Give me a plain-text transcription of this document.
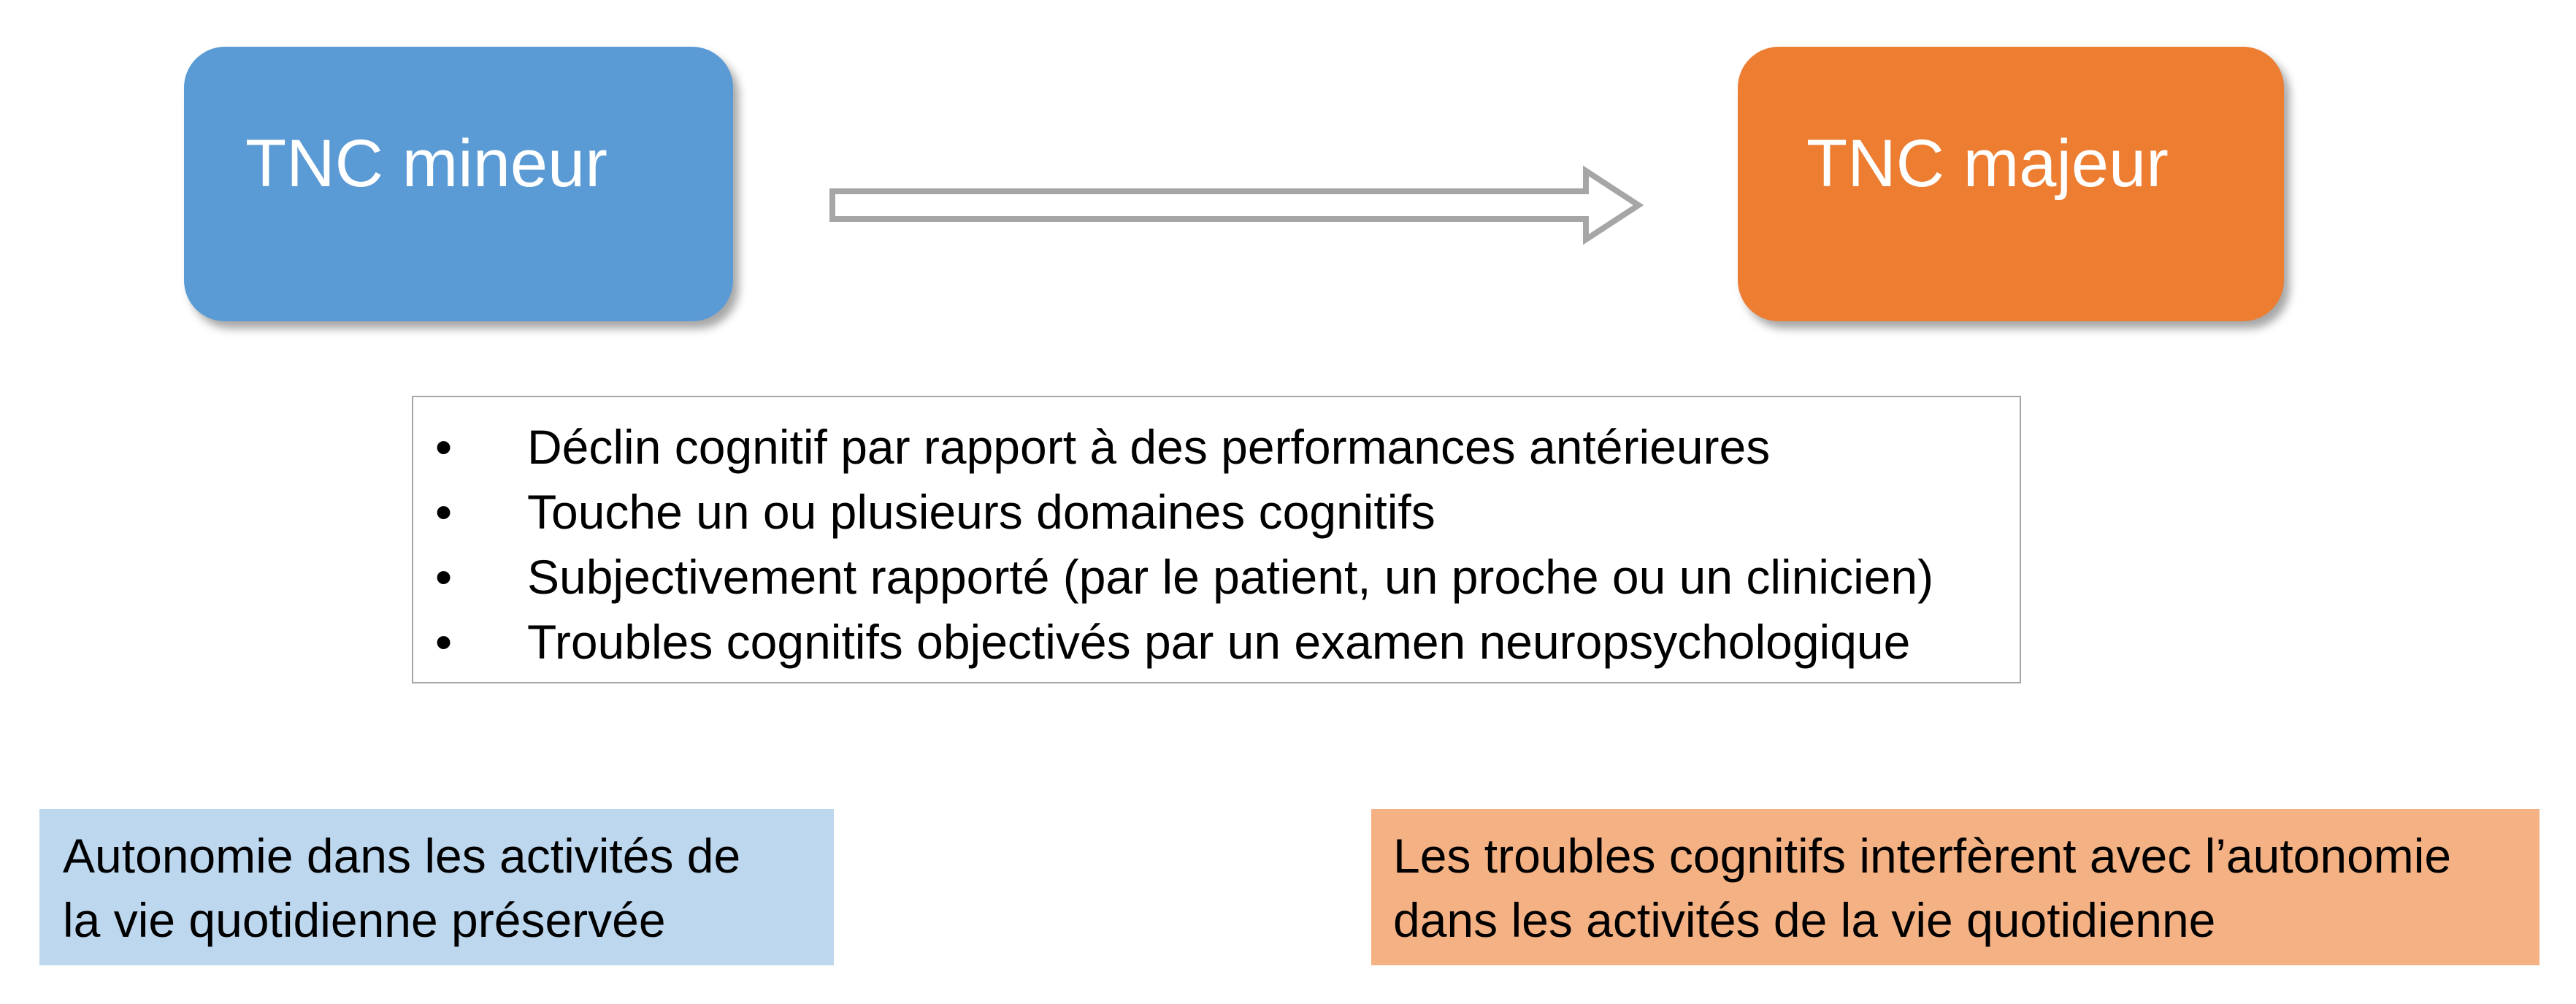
TNC mineur	TNC majeur
•	Déclin cognitif par rapport à des performances antérieures
•	Touche un ou plusieurs domaines cognitifs
•	Subjectivement rapporté (par le patient, un proche ou un clinicien)
•	Troubles cognitifs objectivés par un examen neuropsychologique
Autonomie dans les activités de
la vie quotidienne préservée
Les troubles cognitifs interfèrent avec l’autonomie
dans les activités de la vie quotidienne
